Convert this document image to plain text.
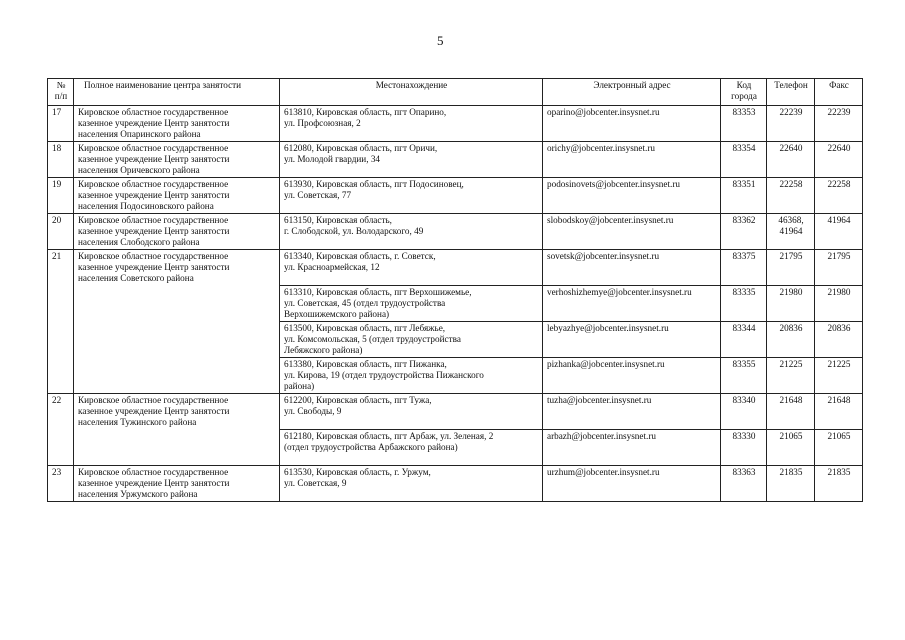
5
№ п/п	Полное наименование центра занятости	Местонахождение	Электронный адрес	Код города	Телефон	Факс
17	Кировское областное государственное
казенное учреждение Центр занятости
населения Опаринского района	613810, Кировская область, пгт Опарино,
ул. Профсоюзная, 2	oparino@jobcenter.insysnet.ru	83353	22239	22239
18	Кировское областное государственное
казенное учреждение Центр занятости
населения Оричевского района	612080, Кировская область, пгт Оричи,
ул. Молодой гвардии, 34	orichy@jobcenter.insysnet.ru	83354	22640	22640
19	Кировское областное государственное
казенное учреждение Центр занятости
населения Подосиновского района	613930, Кировская область, пгт Подосиновец,
ул. Советская, 77	podosinovets@jobcenter.insysnet.ru	83351	22258	22258
20	Кировское областное государственное
казенное учреждение Центр занятости
населения Слободского района	613150, Кировская область,
г. Слободской, ул. Володарского, 49	slobodskoy@jobcenter.insysnet.ru	83362	46368,
41964	41964
21	Кировское областное государственное
казенное учреждение Центр занятости
населения Советского района	613340, Кировская область, г. Советск,
ул. Красноармейская, 12	sovetsk@jobcenter.insysnet.ru	83375	21795	21795

		613310, Кировская область, пгт Верхошижемье,
ул. Советская, 45 (отдел трудоустройства
Верхошижемского района)	verhoshizhemye@jobcenter.insysnet.ru	83335	21980	21980

		613500, Кировская область, пгт Лебяжье,
ул. Комсомольская, 5 (отдел трудоустройства
Лебяжского района)	lebyazhye@jobcenter.insysnet.ru	83344	20836	20836

		613380, Кировская область, пгт Пижанка,
ул. Кирова, 19 (отдел трудоустройства Пижанского
района)	pizhanka@jobcenter.insysnet.ru	83355	21225	21225
22	Кировское областное государственное
казенное учреждение Центр занятости
населения Тужинского района	612200, Кировская область, пгт Тужа,
ул. Свободы, 9	tuzha@jobcenter.insysnet.ru	83340	21648	21648

		612180, Кировская область, пгт Арбаж, ул. Зеленая, 2
(отдел трудоустройства Арбажского района)	arbazh@jobcenter.insysnet.ru	83330	21065	21065
23	Кировское областное государственное
казенное учреждение Центр занятости
населения Уржумского района	613530, Кировская область, г. Уржум,
ул. Советская, 9	urzhum@jobcenter.insysnet.ru	83363	21835	21835
